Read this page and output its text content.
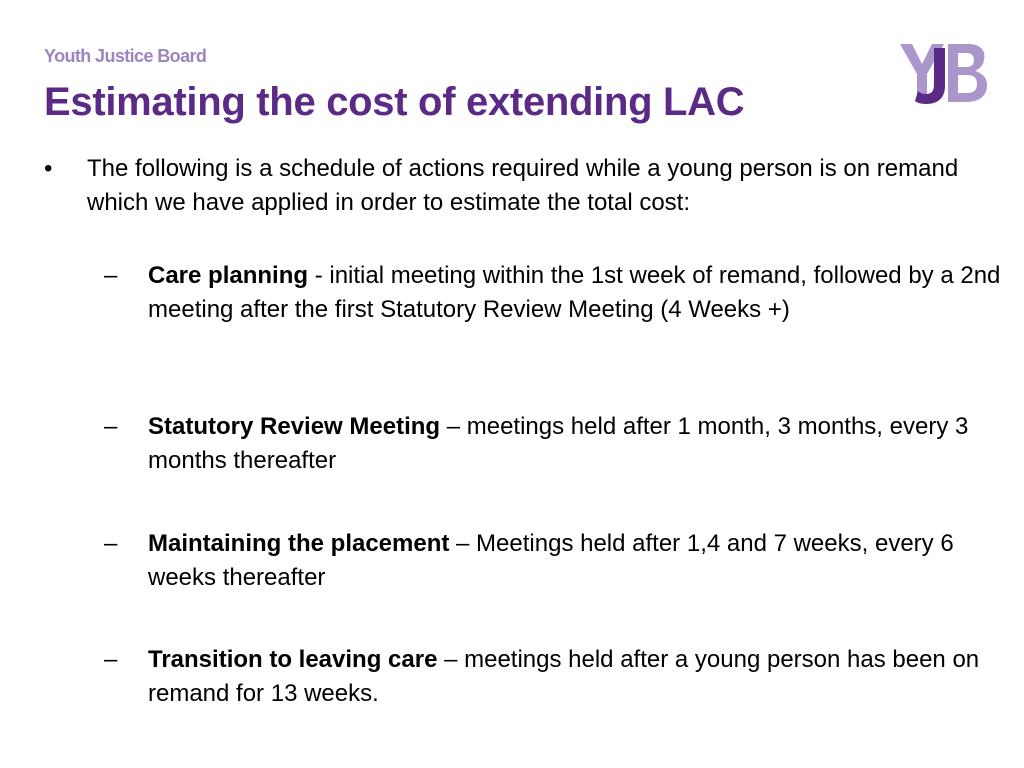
Youth Justice Board
Estimating the cost of extending LAC
• The following is a schedule of actions required while a young person is on remand which we have applied in order to estimate the total cost:
– Care planning - initial meeting within the 1st week of remand, followed by a 2nd meeting after the first Statutory Review Meeting (4 Weeks +)
– Statutory Review Meeting – meetings held after 1 month, 3 months, every 3 months thereafter
– Maintaining the placement – Meetings held after 1,4 and 7 weeks, every 6 weeks thereafter
– Transition to leaving care – meetings held after a young person has been on remand for 13 weeks.
